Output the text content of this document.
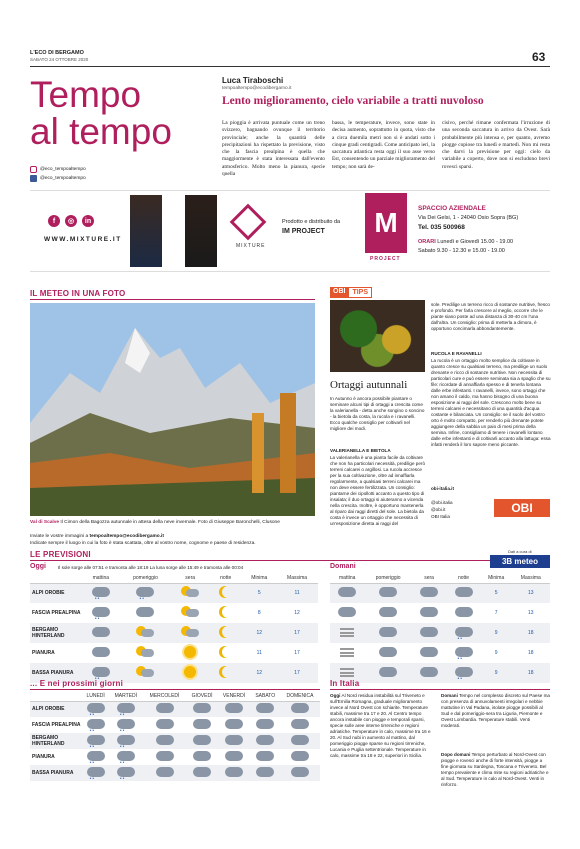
L'ECO DI BERGAMO
SABATO 24 OTTOBRE 2020	63
Tempo
al tempo
Luca Tiraboschi
tempoaltempo@ecodibergamo.it
Lento miglioramento, cielo variabile a tratti nuvoloso
La pioggia è arrivata puntuale come un treno svizzero, bagnando ovunque il territorio provinciale; anche la quantità delle precipitazioni ha rispettato la previsione, visto che la fascia prealpina è quella che maggiormente è stata interessata dall'evento atmosferico. Molto meno la pianura, specie quella
bassa, le temperature, invece, sono state in decisa aumento, soprattutto in quota, visto che a circa duemila metri non si è andati sotto i cinque gradi centigradi. Come anticipato ieri, la saccatura atlantica resta oggi il suo asse verso Est, consentendo un parziale miglioramento del tempo; non sarà de-
cisivo, perché rimane confermata l'irruzione di una seconda saccatura in arrivo da Ovest. Sarà probabilmente più intensa e, per quanto, avremo piogge copiose tra lunedì e martedì. Non mi resta che darvi la previsione per oggi: cielo da variabile a coperto, dove non si escludono brevi rovesci sparsi.
@eco_tempoaltempo
@eco_tempoaltempo
f	◎	in
WWW.MIXTURE.IT
MIXTURE
Prodotto e distribuito da
IM PROJECT	M
PROJECT
SPACCIO AZIENDALE
Via Dei Gelsi, 1 - 24040 Osio Sopra (BG)
Tel. 035 500968
ORARI Lunedì e Giovedì 15.00 - 19.00
Sabato 9.30 - 12.30 e 15.00 - 19.00
IL METEO IN UNA FOTO
Val di Scalve Il Cimon della Bagozza autunnale in attesa della neve invernale. Foto di Giuseppe Baronchelli, Clusone
Inviate le vostre immagini a tempoaltempo@ecodibergamo.it
Indicate sempre il luogo in cui la foto è stata scattata, oltre al vostro nome, cognome e paese di residenza.
OBI	TIPS
Ortaggi autunnali
In Autunno è ancora possibile piantare o seminare alcuni tipi di ortaggi a crescita come la valerianella - detta anche songino o soncino - la bietola da costa, la rucola e i ravanelli. Ecco qualche consiglio per coltivarli nel migliore dei modi.
VALERIANELLA E BIETOLA
La valerianella è una pianta facile da coltivare che non ha particolari necessità, predilige però terreni calcarei o argillosi. La rucola accresce per la sua coltivazione, oltre ad innaffiarla regolarmente, a qualsiasi terreni calcarei ma non deve essere fertilizzata. Un consiglio: piantarne dei cipollotti accanto a questo tipo di insalata; il duo ortaggi si aiuteranno a vicenda nella crescita. Inoltre, è opportuno mantenerla al riparo dai raggi diretti del sole. La bietola da costa è invece un ortaggio che necessita di un'esposizione diretta ai raggi del
sole. Predilige un terreno ricco di sostanze nutritive, fresco e profondo. Per farla crescere al meglio, occorre che le piante siano poste ad una distanza di 30-40 cm l'una dall'altra. Un consiglio: prima di metterla a dimora, è opportuno concimarla abbondantemente.
RUCOLA E RAVANELLI
La rucola è un ortaggio molto semplice da coltivare in quanto cresce su qualsiasi terreno, ma predilige un suolo drenante e ricco di sostanze nutritive. Non necessita di particolari cure e può essere seminata sia a spaglio che su file: ricordate di annaffiarla spesso e di tenerla lontana dalle erbe infestanti. I ravanelli, invece, sono ortaggi che non amano il caldo, ma hanno bisogno di una buona esposizione ai raggi del sole. Crescono molto bene su terreni calcarei e necessitano di una quantità d'acqua costante e bilanciata. Un consiglio: se il suolo del vostro orto è molto compatto, per renderlo più drenante potete aggiungere della sabbia un paio di mesi prima della semina. Infine, consigliamo di tenere i ravanelli lontano dalle erbe infestanti e di coltivarli accanto alla lattuga: essa infatti renderà il loro sapore meno piccante.
obi-italia.it
@obi.italia
@obi.it
OBI Italia
OBI
LE PREVISIONI
Oggi	Il sole sorge alle 07:51 e tramonta alle 18:19 La luna sorge alle 15:49 e tramonta alle 00:04	Domani
Dati a cura di
3B meteo
	mattina	pomeriggio	sera	notte	Minima	Massima
ALPI OROBIE	••	••			5	11
FASCIA PREALPINA	••				8	12
BERGAMO HINTERLAND					12	17
PIANURA					11	17
BASSA PIANURA	••				12	17
mattina	pomeriggio	sera	notte	Minima	Massima
				5	13
				7	13
			••	9	18
			••	9	18
			••	9	18
... E nei prossimi giorni
	LUNEDÌ	MARTEDÌ	MERCOLEDÌ	GIOVEDÌ	VENERDÌ	SABATO	DOMENICA
ALPI OROBIE	••	••					
FASCIA PREALPINA	••	••					
BERGAMO HINTERLAND	••	••					
PIANURA	••	••					
BASSA PIANURA	••	••					
In Italia
Oggi Al Nord residua instabilità sul Triveneto e sull'Emilia Romagna, graduale miglioramento invece al Nord Ovest con schiarite. Temperature stabili, massime tra 17 e 20. Al Centro tempo ancora instabile con piogge e temporali sparsi, specie sulle aree interne tirreniche e regioni adriatiche. Temperature in calo, massime tra 16 e 20. Al Sud nubi in aumento al mattino, dal pomeriggio piogge sparse su regioni tirreniche, Lucania e Puglia settentrionale. Temperature in calo, massime tra 18 e 22, superiori in Sicilia.
Domani Tempo nel complesso discreto sul Paese ma con presenza di annuvolamenti irregolari e nebbie mattutine in Val Padana, isolate piogge possibili al Sud e dal pomeriggio-sera tra Liguria, Piemonte e Ovest Lombardia. Temperature stabili. Venti moderati.
Dopo domani Tempo perturbato al Nord-Ovest con piogge e rovesci anche di forte intensità, piogge a fine giornata su Sardegna, Toscana e Triveneto. Bel tempo prevalente e clima mite su regioni adriatiche e al Sud. Temperature in calo al Nord-Ovest. Venti in rinforzo.
